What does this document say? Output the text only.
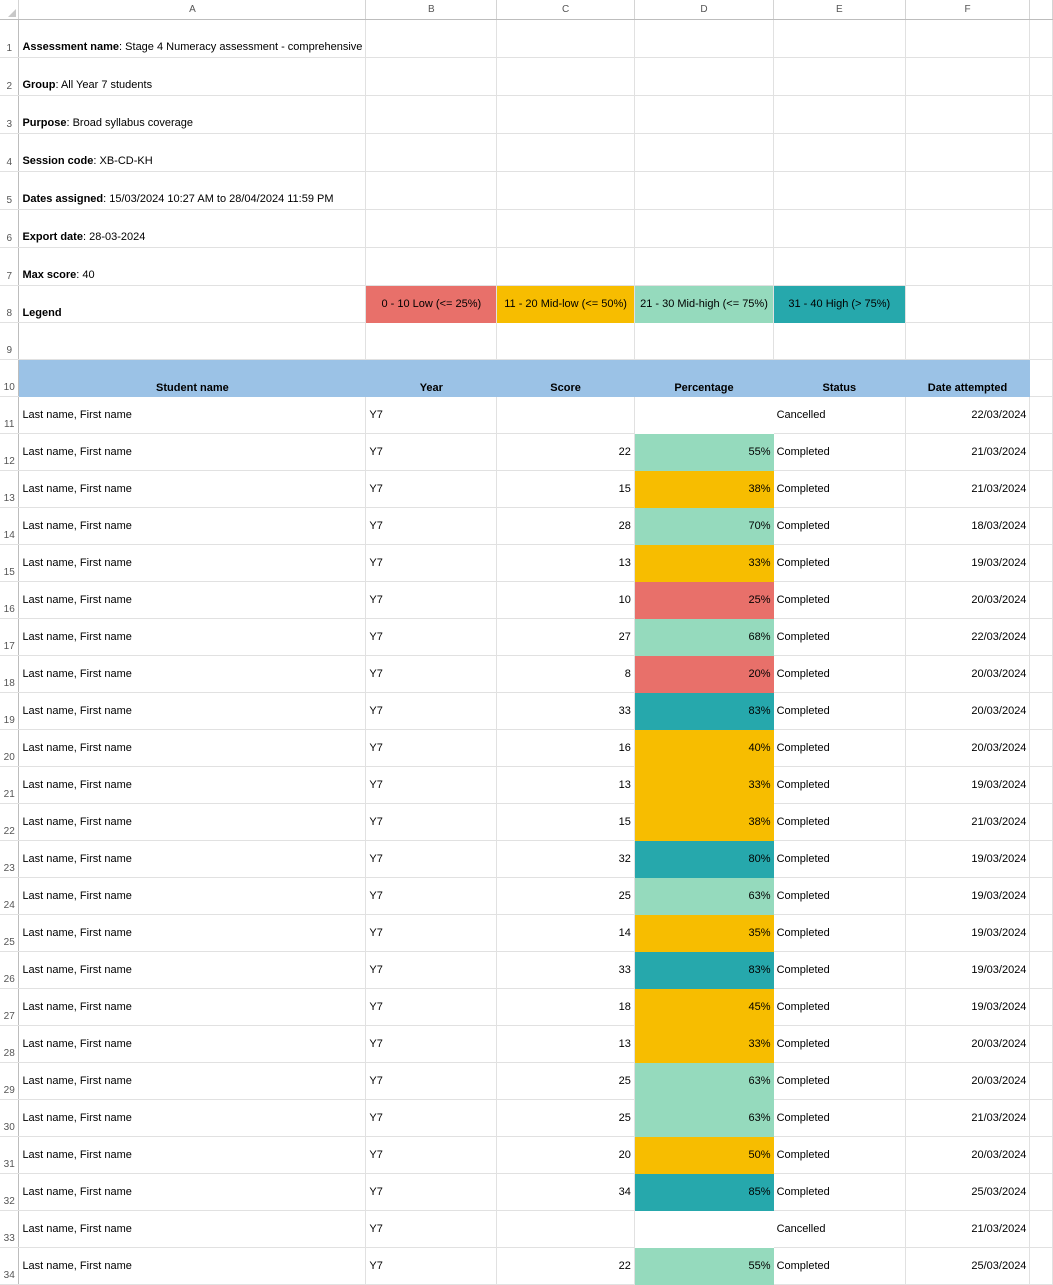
	A	B	C	D	E	F	
1	Assessment name: Stage 4 Numeracy assessment - comprehensive						
2	Group: All Year 7 students						
3	Purpose: Broad syllabus coverage						
4	Session code: XB-CD-KH						
5	Dates assigned: 15/03/2024 10:27 AM to 28/04/2024 11:59 PM						
6	Export date: 28-03-2024						
7	Max score: 40						
8	Legend	0 - 10 Low (<= 25%)	11 - 20 Mid-low (<= 50%)	21 - 30 Mid-high (<= 75%)	31 - 40 High (> 75%)		
9							
10	Student name	Year	Score	Percentage	Status	Date attempted	
11	Last name, First name	Y7			Cancelled	22/03/2024	
12	Last name, First name	Y7	22	55%	Completed	21/03/2024	
13	Last name, First name	Y7	15	38%	Completed	21/03/2024	
14	Last name, First name	Y7	28	70%	Completed	18/03/2024	
15	Last name, First name	Y7	13	33%	Completed	19/03/2024	
16	Last name, First name	Y7	10	25%	Completed	20/03/2024	
17	Last name, First name	Y7	27	68%	Completed	22/03/2024	
18	Last name, First name	Y7	8	20%	Completed	20/03/2024	
19	Last name, First name	Y7	33	83%	Completed	20/03/2024	
20	Last name, First name	Y7	16	40%	Completed	20/03/2024	
21	Last name, First name	Y7	13	33%	Completed	19/03/2024	
22	Last name, First name	Y7	15	38%	Completed	21/03/2024	
23	Last name, First name	Y7	32	80%	Completed	19/03/2024	
24	Last name, First name	Y7	25	63%	Completed	19/03/2024	
25	Last name, First name	Y7	14	35%	Completed	19/03/2024	
26	Last name, First name	Y7	33	83%	Completed	19/03/2024	
27	Last name, First name	Y7	18	45%	Completed	19/03/2024	
28	Last name, First name	Y7	13	33%	Completed	20/03/2024	
29	Last name, First name	Y7	25	63%	Completed	20/03/2024	
30	Last name, First name	Y7	25	63%	Completed	21/03/2024	
31	Last name, First name	Y7	20	50%	Completed	20/03/2024	
32	Last name, First name	Y7	34	85%	Completed	25/03/2024	
33	Last name, First name	Y7			Cancelled	21/03/2024	
34	Last name, First name	Y7	22	55%	Completed	25/03/2024	
